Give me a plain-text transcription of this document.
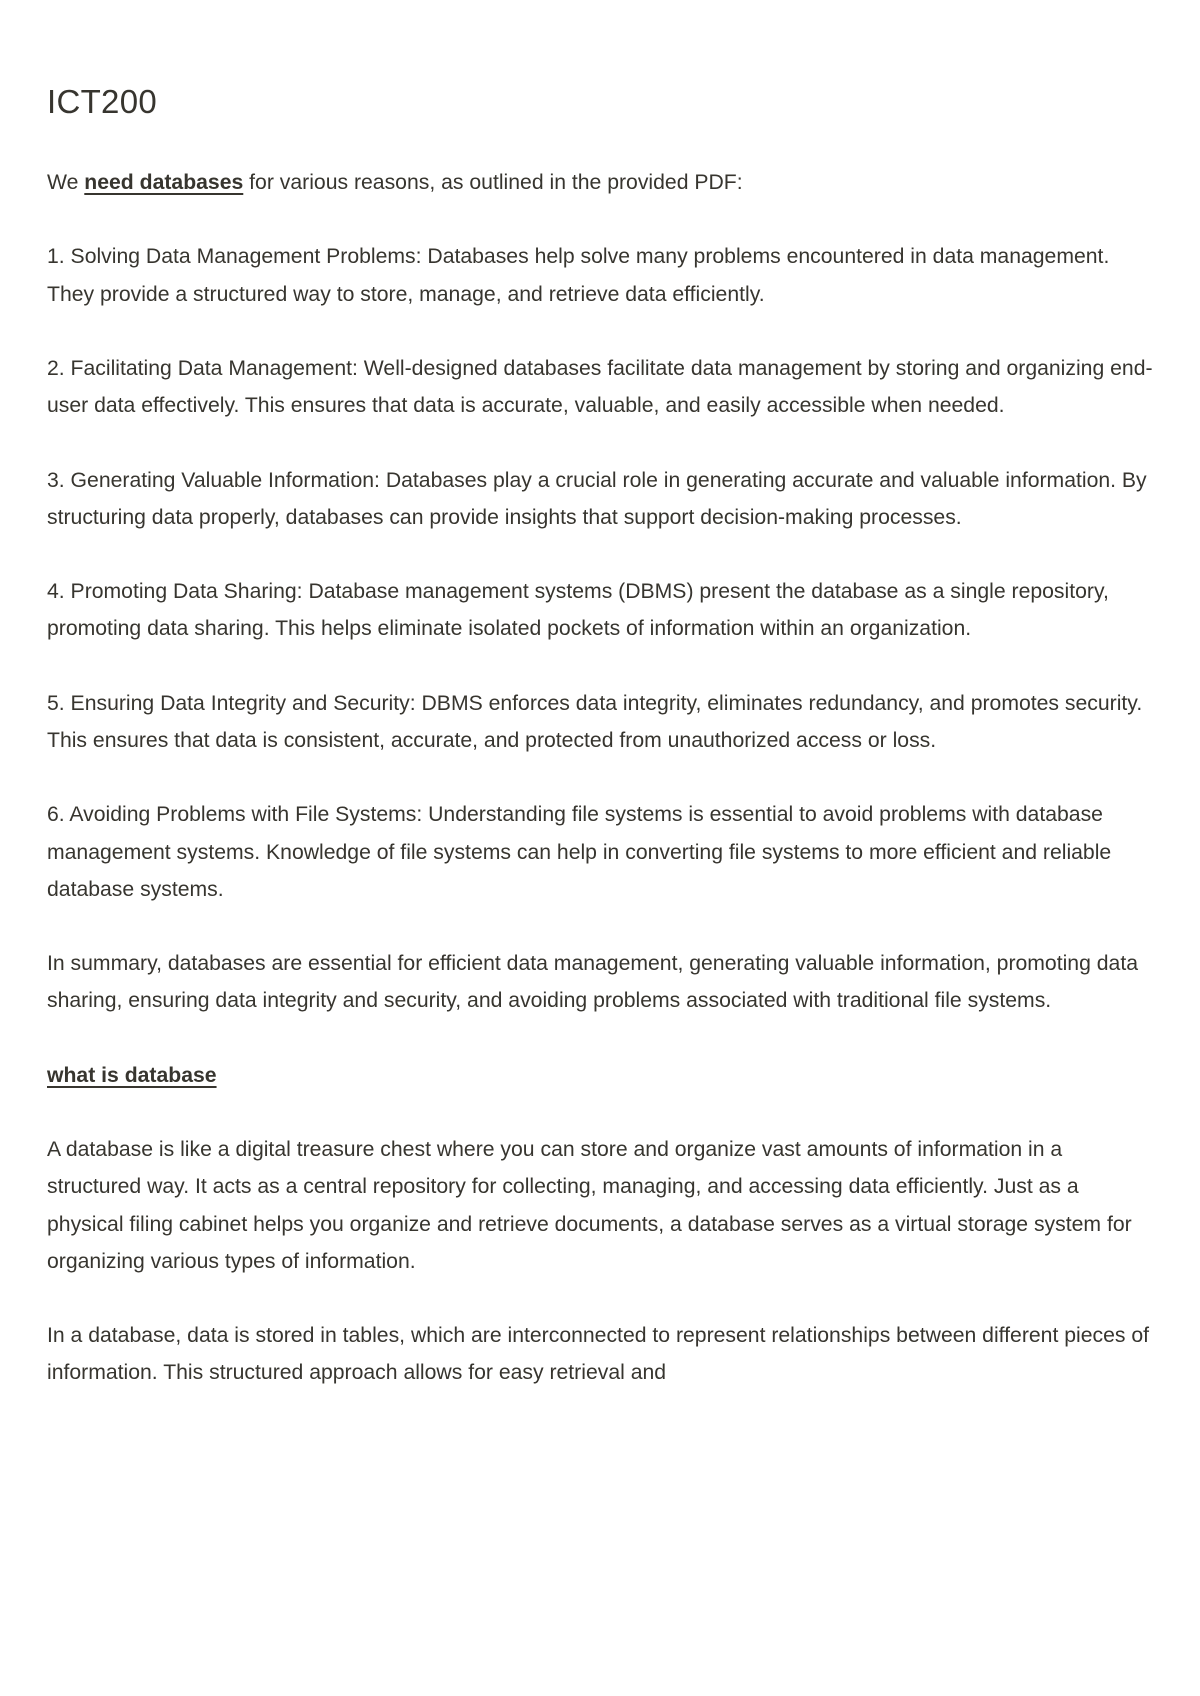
ICT200

We need databases for various reasons, as outlined in the provided PDF:

1. Solving Data Management Problems: Databases help solve many problems encountered in data management. They provide a structured way to store, manage, and retrieve data efficiently.

2. Facilitating Data Management: Well-designed databases facilitate data management by storing and organizing end-user data effectively. This ensures that data is accurate, valuable, and easily accessible when needed.

3. Generating Valuable Information: Databases play a crucial role in generating accurate and valuable information. By structuring data properly, databases can provide insights that support decision-making processes.

4. Promoting Data Sharing: Database management systems (DBMS) present the database as a single repository, promoting data sharing. This helps eliminate isolated pockets of information within an organization.

5. Ensuring Data Integrity and Security: DBMS enforces data integrity, eliminates redundancy, and promotes security. This ensures that data is consistent, accurate, and protected from unauthorized access or loss.

6. Avoiding Problems with File Systems: Understanding file systems is essential to avoid problems with database management systems. Knowledge of file systems can help in converting file systems to more efficient and reliable database systems.

In summary, databases are essential for efficient data management, generating valuable information, promoting data sharing, ensuring data integrity and security, and avoiding problems associated with traditional file systems.

what is database

A database is like a digital treasure chest where you can store and organize vast amounts of information in a structured way. It acts as a central repository for collecting, managing, and accessing data efficiently. Just as a physical filing cabinet helps you organize and retrieve documents, a database serves as a virtual storage system for organizing various types of information.

In a database, data is stored in tables, which are interconnected to represent relationships between different pieces of information. This structured approach allows for easy retrieval and
